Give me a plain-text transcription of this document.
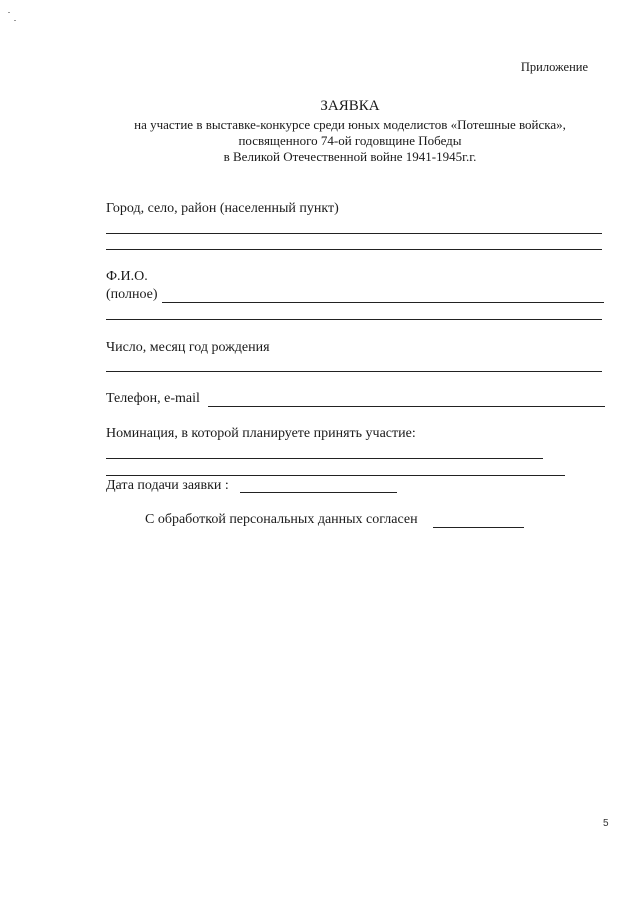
Приложение
ЗАЯВКА
на участие в выставке-конкурсе среди юных моделистов «Потешные войска»,
посвященного 74-ой годовщине Победы
в Великой Отечественной войне 1941-1945г.г.
Город, село, район (населенный пункт)
Ф.И.О.
(полное)
Число, месяц год рождения
Телефон, e-mail
Номинация, в которой планируете принять участие:
Дата подачи заявки :
С обработкой персональных данных согласен
5
